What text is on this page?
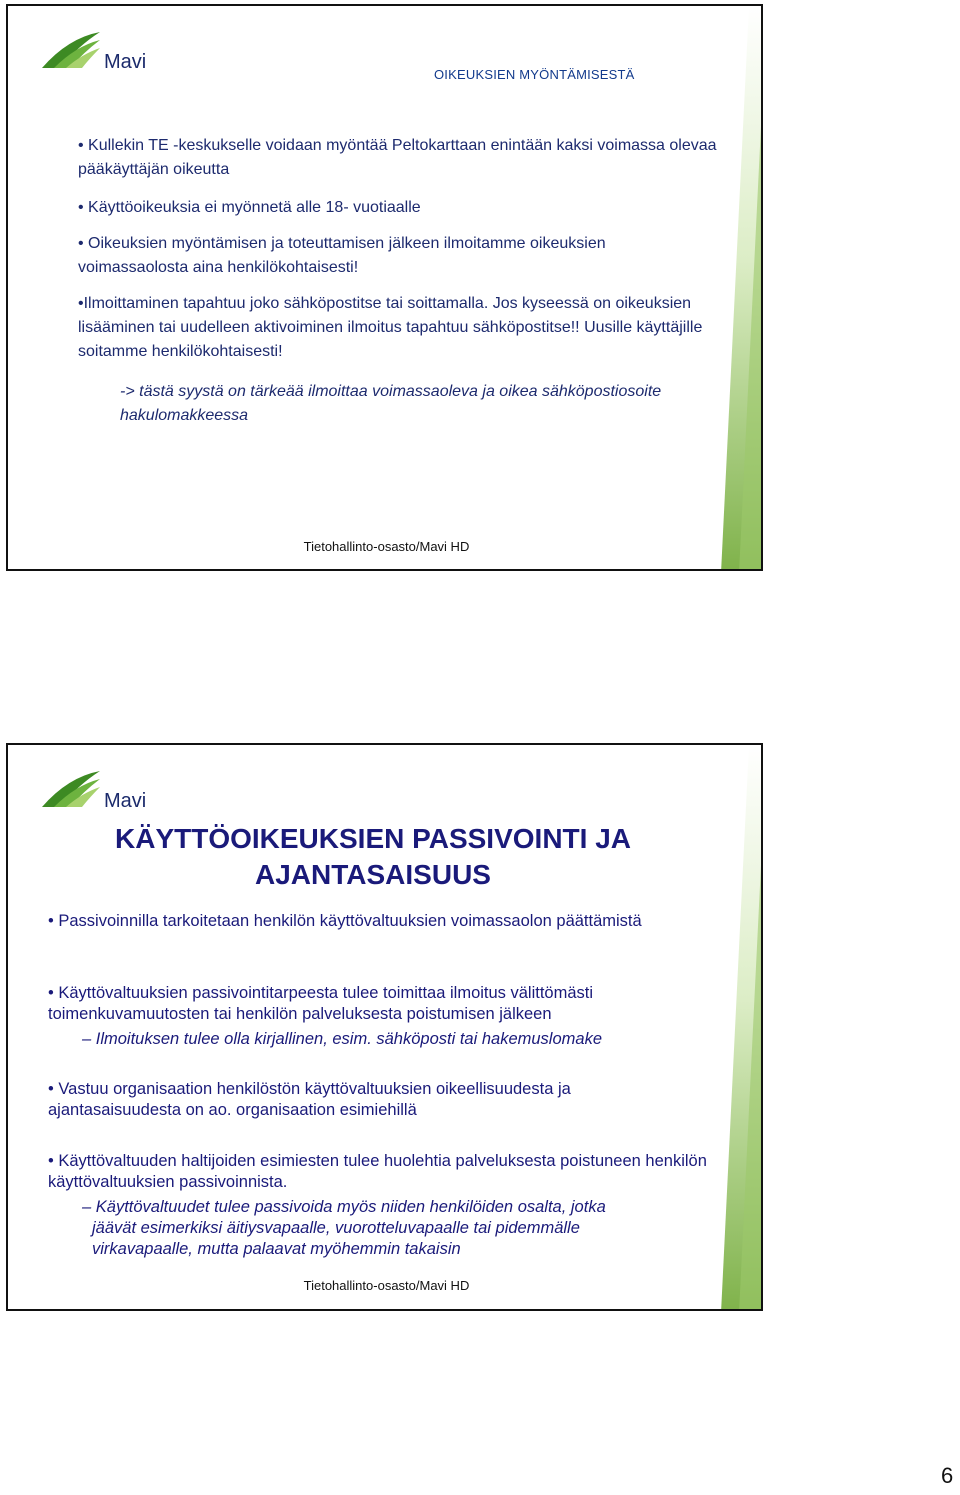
Mavi
OIKEUKSIEN MYÖNTÄMISESTÄ

• Kullekin TE -keskukselle voidaan myöntää Peltokarttaan enintään kaksi voimassa olevaa pääkäyttäjän oikeutta

• Käyttöoikeuksia ei myönnetä alle 18- vuotiaalle

• Oikeuksien myöntämisen ja toteuttamisen jälkeen ilmoitamme oikeuksien voimassaolosta aina henkilökohtaisesti!

•Ilmoittaminen tapahtuu joko sähköpostitse tai soittamalla. Jos kyseessä on oikeuksien lisääminen tai uudelleen aktivoiminen ilmoitus tapahtuu sähköpostitse!! Uusille käyttäjille soitamme henkilökohtaisesti!

-> tästä syystä on tärkeää ilmoittaa voimassaoleva ja oikea sähköpostiosoite hakulomakkeessa

Tietohallinto-osasto/Mavi HD
Mavi
KÄYTTÖOIKEUKSIEN PASSIVOINTI JA
AJANTASAISUUS

• Passivoinnilla tarkoitetaan henkilön käyttövaltuuksien voimassaolon päättämistä

• Käyttövaltuuksien passivointitarpeesta tulee toimittaa ilmoitus välittömästi toimenkuvamuutosten tai henkilön palveluksesta poistumisen jälkeen

– Ilmoituksen tulee olla kirjallinen, esim. sähköposti tai hakemuslomake

• Vastuu organisaation henkilöstön käyttövaltuuksien oikeellisuudesta ja ajantasaisuudesta on ao. organisaation esimiehillä

• Käyttövaltuuden haltijoiden esimiesten tulee huolehtia palveluksesta poistuneen henkilön käyttövaltuuksien passivoinnista.

– Käyttövaltuudet tulee passivoida myös niiden henkilöiden osalta, jotka
jäävät esimerkiksi äitiysvapaalle, vuorotteluvapaalle tai pidemmälle
virkavapaalle, mutta palaavat myöhemmin takaisin

Tietohallinto-osasto/Mavi HD
6
